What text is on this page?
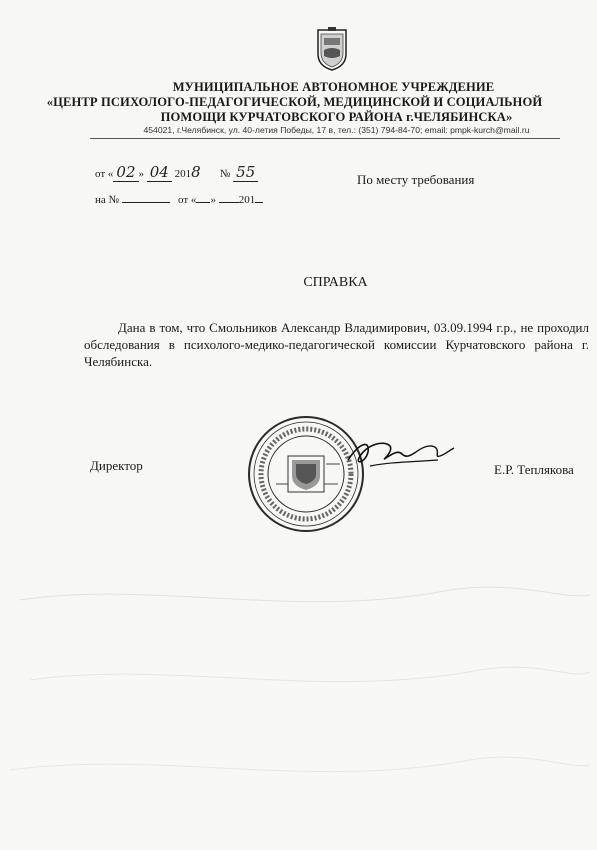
МУНИЦИПАЛЬНОЕ АВТОНОМНОЕ УЧРЕЖДЕНИЕ
«ЦЕНТР ПСИХОЛОГО-ПЕДАГОГИЧЕСКОЙ, МЕДИЦИНСКОЙ И СОЦИАЛЬНОЙ
ПОМОЩИ КУРЧАТОВСКОГО РАЙОНА г.ЧЕЛЯБИНСКА»
454021, г.Челябинск, ул. 40-летия Победы, 17 в, тел.: (351) 794-84-70; email: pmpk-kurch@mail.ru
от « 02 » 04 2018 № 55
на №	от « » 201
По месту требования
СПРАВКА
Дана в том, что Смольников Александр Владимирович, 03.09.1994 г.р., не проходил обследования в психолого-медико-педагогической комиссии Курчатовского района г. Челябинска.
Директор	Е.Р. Теплякова
